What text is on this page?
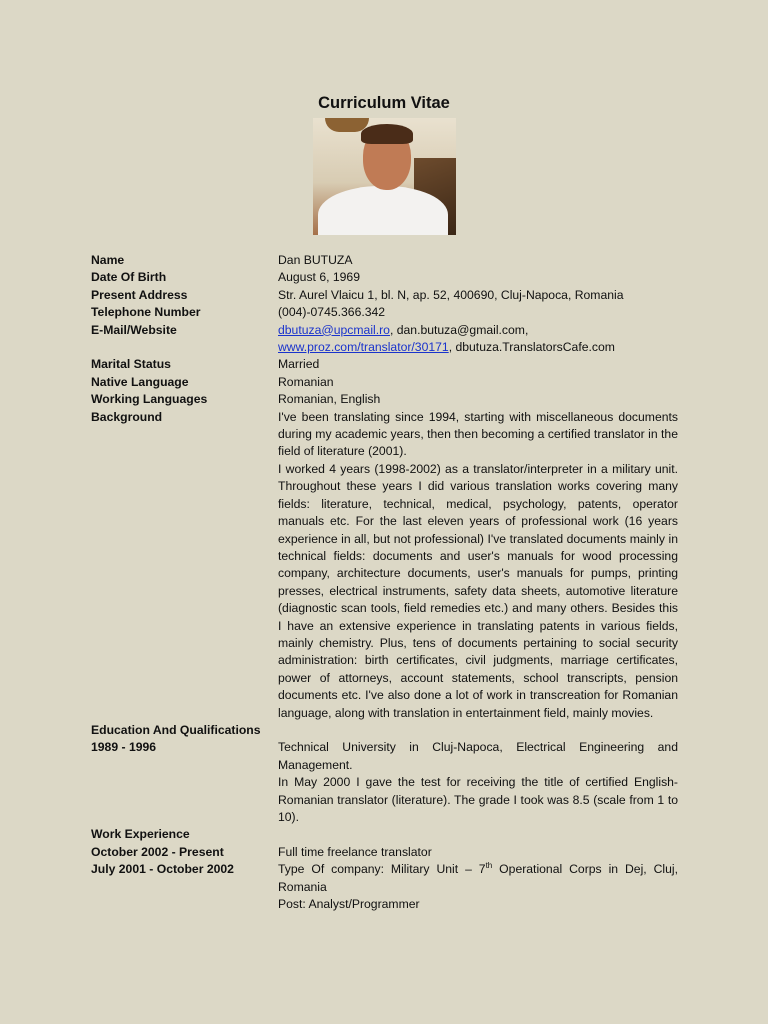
Curriculum Vitae
Name	Dan BUTUZA
Date Of Birth	August 6, 1969
Present Address	Str. Aurel Vlaicu 1, bl. N, ap. 52, 400690, Cluj-Napoca, Romania
Telephone Number	(004)-0745.366.342
E-Mail/Website	dbutuza@upcmail.ro, dan.butuza@gmail.com,
www.proz.com/translator/30171, dbutuza.TranslatorsCafe.com
Marital Status	Married
Native Language	Romanian
Working Languages	Romanian, English
Background	I've been translating since 1994, starting with miscellaneous documents during my academic years, then then becoming a certified translator in the field of literature (2001).

I worked 4 years (1998-2002) as a translator/interpreter in a military unit. Throughout these years I did various translation works covering many fields: literature, technical, medical, psychology, patents, operator manuals etc. For the last eleven years of professional work (16 years experience in all, but not professional) I've translated documents mainly in technical fields: documents and user's manuals for wood processing company, architecture documents, user's manuals for pumps, printing presses, electrical instruments, safety data sheets, automotive literature (diagnostic scan tools, field remedies etc.) and many others. Besides this I have an extensive experience in translating patents in various fields, mainly chemistry. Plus, tens of documents pertaining to social security administration: birth certificates, civil judgments, marriage certificates, power of attorneys, account statements, school transcripts, pension documents etc. I've also done a lot of work in transcreation for Romanian language, along with translation in entertainment field, mainly movies.

Education And Qualifications
1989 - 1996	Technical University in Cluj-Napoca, Electrical Engineering and Management.

In May 2000 I gave the test for receiving the title of certified English-Romanian translator (literature). The grade I took was 8.5 (scale from 1 to 10).

Work Experience
October 2002 - Present	Full time freelance translator
July 2001 - October 2002	Type Of company: Military Unit – 7th Operational Corps in Dej, Cluj, Romania

Post: Analyst/Programmer
